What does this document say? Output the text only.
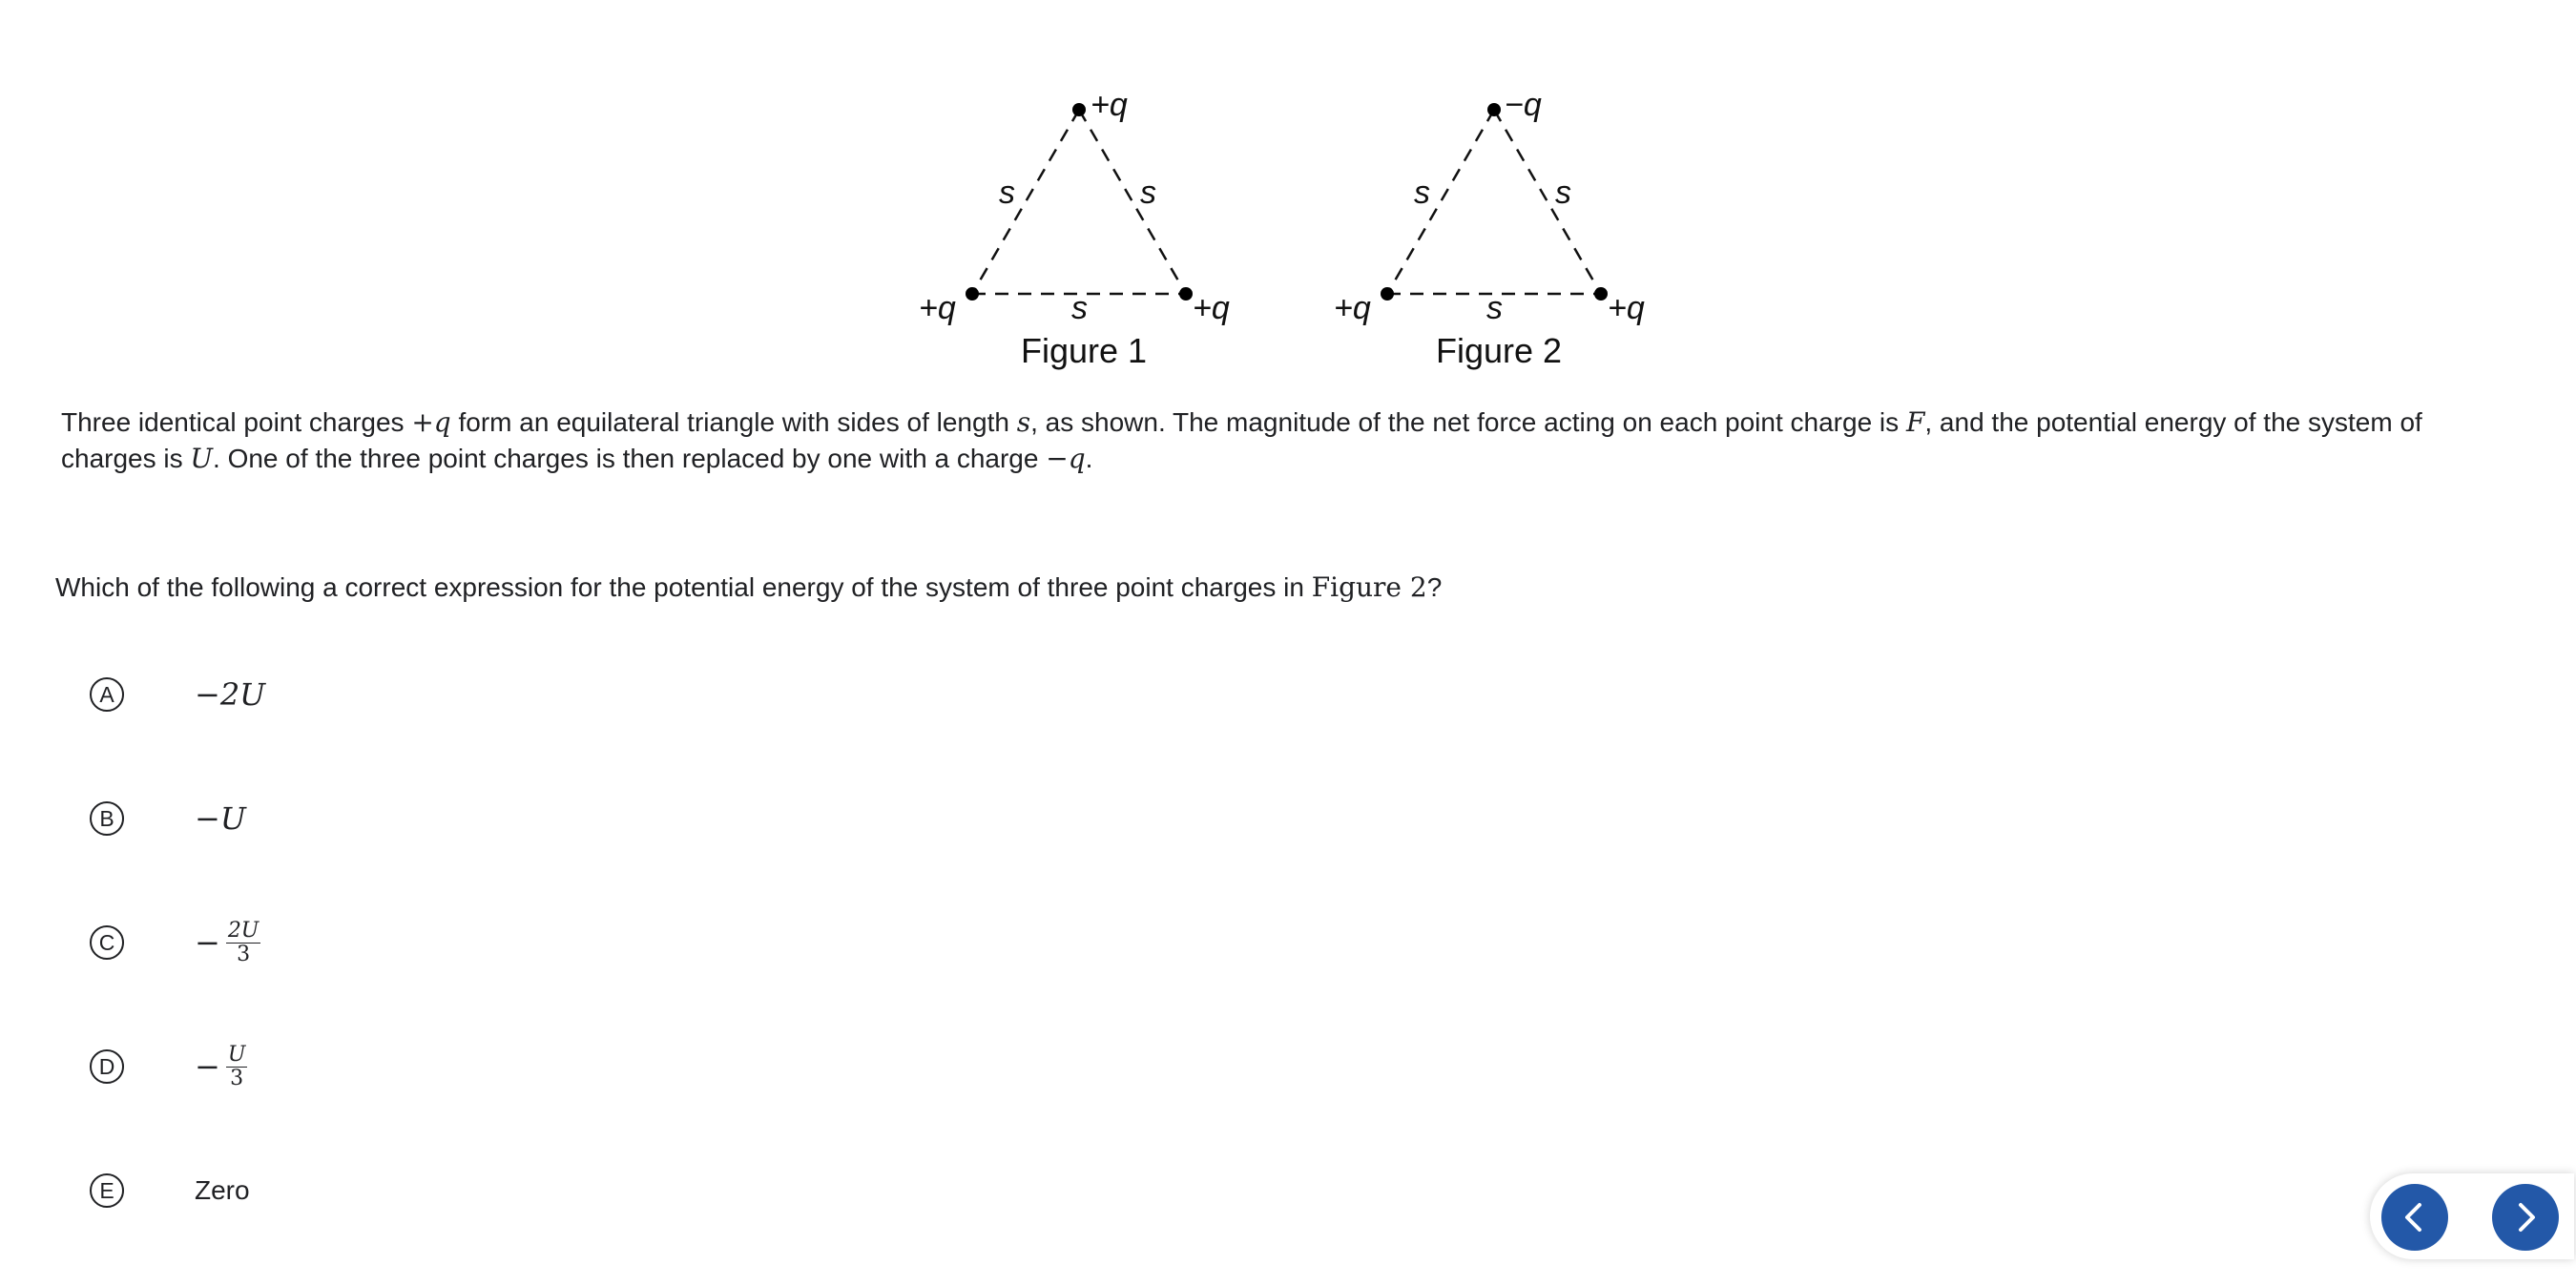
+q
+q	+q
s	s
s
Figure 1
−q
+q	+q
s	s
s
Figure 2
Three identical point charges +q form an equilateral triangle with sides of length s, as shown. The magnitude of the net force acting on each point charge is F, and the potential energy of the system of charges is U. One of the three point charges is then replaced by one with a charge −q.
Which of the following a correct expression for the potential energy of the system of three point charges in Figure 2?
A	−2U
B	−U
C	− $\frac{2U}{3}$
D	− $\frac{U}{3}$
E	Zero
